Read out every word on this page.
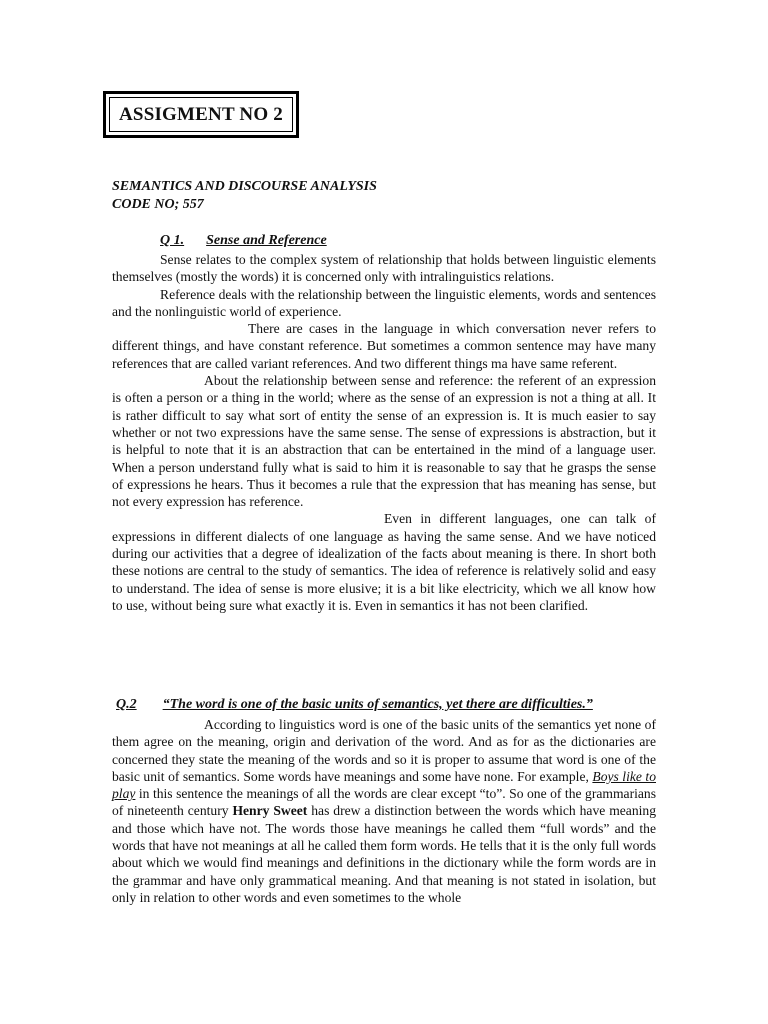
ASSIGMENT NO 2
SEMANTICS AND DISCOURSE ANALYSIS
CODE NO; 557
Q 1. Sense and Reference

Sense relates to the complex system of relationship that holds between linguistic elements themselves (mostly the words) it is concerned only with intralinguistics relations.

Reference deals with the relationship between the linguistic elements, words and sentences and the nonlinguistic world of experience.

There are cases in the language in which conversation never refers to different things, and have constant reference. But sometimes a common sentence may have many references that are called variant references. And two different things ma have same referent.

About the relationship between sense and reference: the referent of an expression is often a person or a thing in the world; where as the sense of an expression is not a thing at all. It is rather difficult to say what sort of entity the sense of an expression is. It is much easier to say whether or not two expressions have the same sense. The sense of expressions is abstraction, but it is helpful to note that it is an abstraction that can be entertained in the mind of a language user. When a person understand fully what is said to him it is reasonable to say that he grasps the sense of expressions he hears. Thus it becomes a rule that the expression that has meaning has sense, but not every expression has reference.

Even in different languages, one can talk of expressions in different dialects of one language as having the same sense. And we have noticed during our activities that a degree of idealization of the facts about meaning is there. In short both these notions are central to the study of semantics. The idea of reference is relatively solid and easy to understand. The idea of sense is more elusive; it is a bit like electricity, which we all know how to use, without being sure what exactly it is. Even in semantics it has not been clarified.

Q.2 “The word is one of the basic units of semantics, yet there are difficulties.”

According to linguistics word is one of the basic units of the semantics yet none of them agree on the meaning, origin and derivation of the word. And as for as the dictionaries are concerned they state the meaning of the words and so it is proper to assume that word is one of the basic unit of semantics. Some words have meanings and some have none. For example, Boys like to play in this sentence the meanings of all the words are clear except “to”. So one of the grammarians of nineteenth century Henry Sweet has drew a distinction between the words which have meaning and those which have not. The words those have meanings he called them “full words” and the words that have not meanings at all he called them form words. He tells that it is the only full words about which we would find meanings and definitions in the dictionary while the form words are in the grammar and have only grammatical meaning. And that meaning is not stated in isolation, but only in relation to other words and even sometimes to the whole
